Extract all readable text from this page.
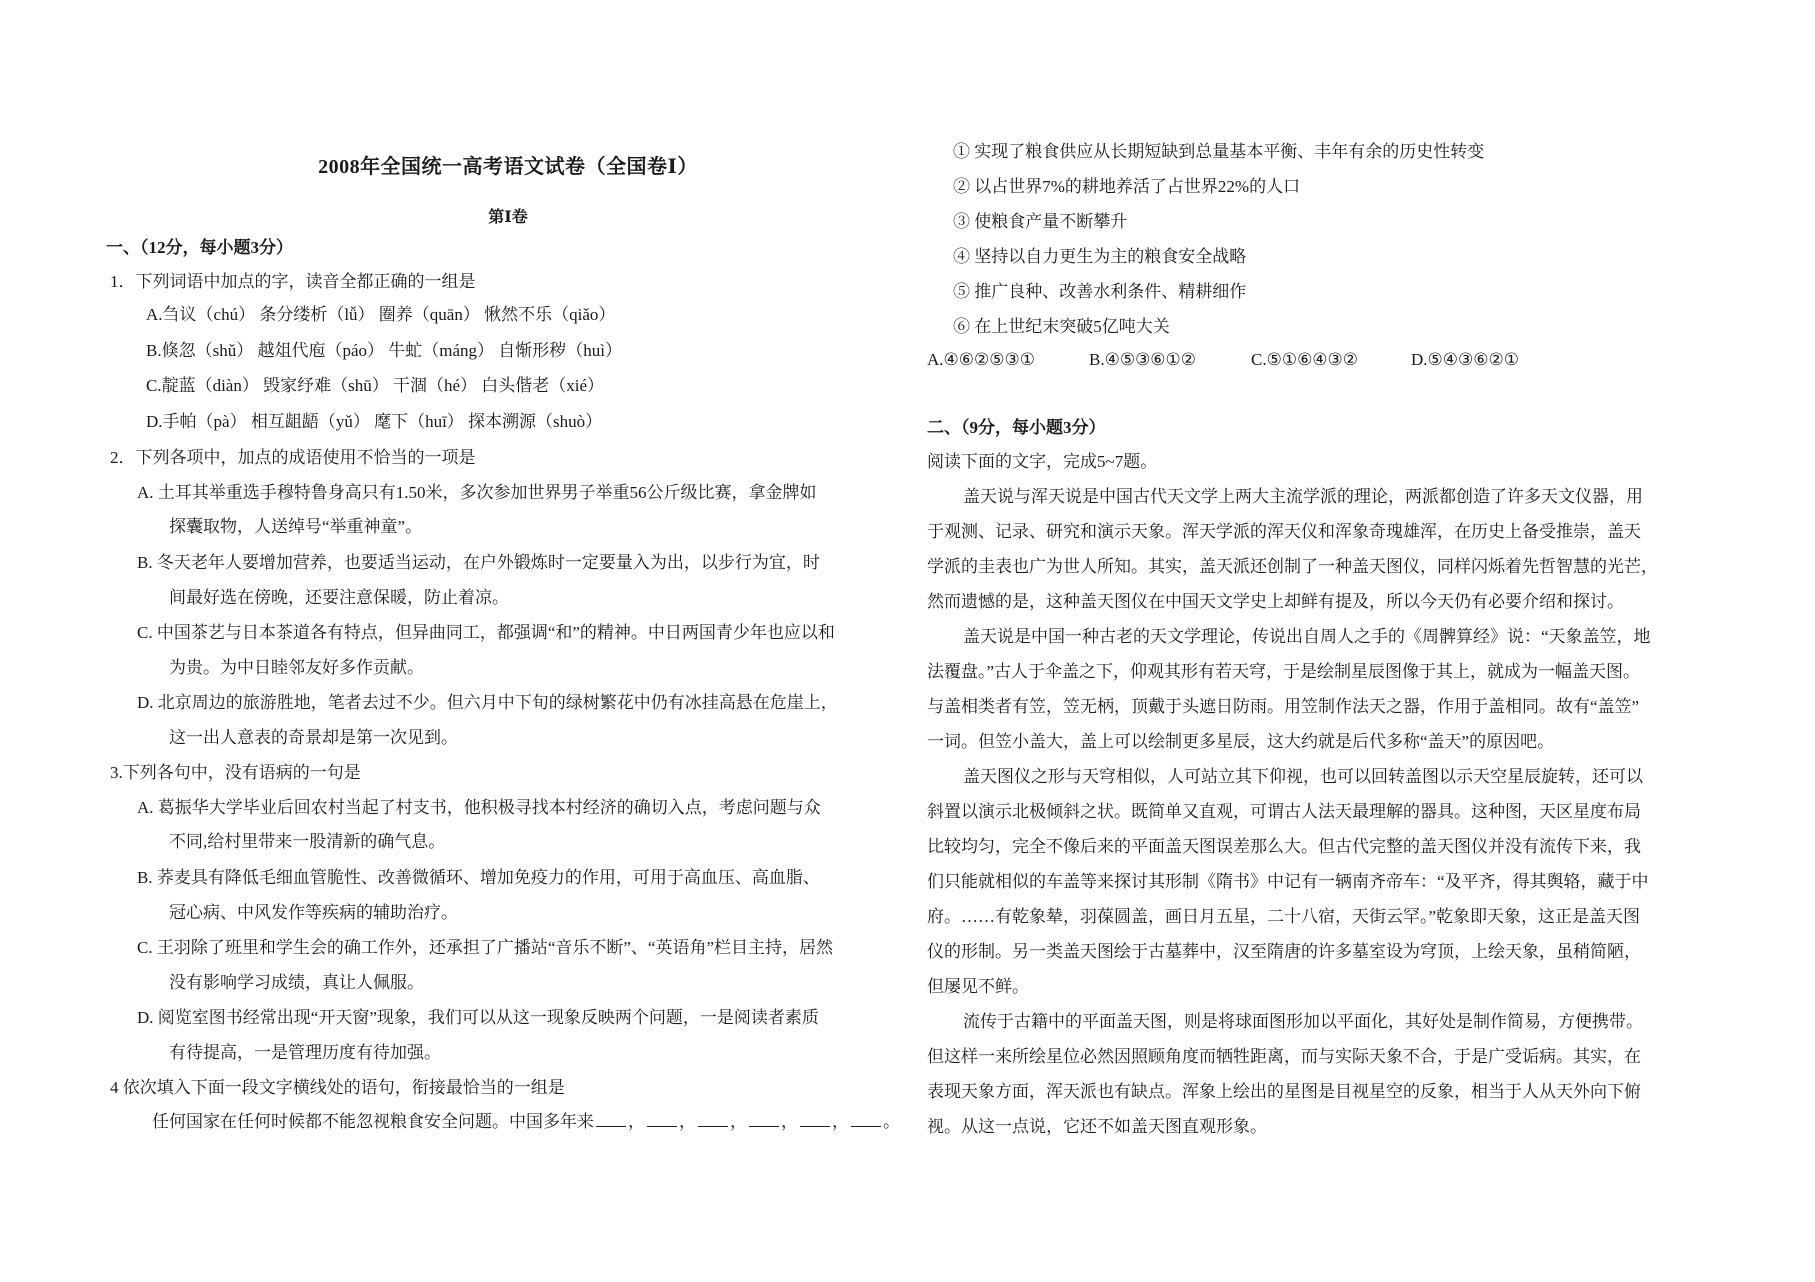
2008年全国统一高考语文试卷（全国卷Ⅰ）
第Ⅰ卷
一、（12分，每小题3分）
1．下列词语中加点的字，读音全都正确的一组是
A.刍议（chú） 条分缕析（lǚ） 圈养（quān） 愀然不乐（qiǎo）
B.倏忽（shǔ） 越俎代庖（páo） 牛虻（máng） 自惭形秽（huì）
C.靛蓝（diàn） 毁家纾难（shū） 干涸（hé） 白头偕老（xié）
D.手帕（pà） 相互龃龉（yǔ） 麾下（huī） 探本溯源（shuò）
2．下列各项中，加点的成语使用不恰当的一项是
A. 土耳其举重选手穆特鲁身高只有1.50米，多次参加世界男子举重56公斤级比赛，拿金牌如
探囊取物，人送绰号“举重神童”。
B. 冬天老年人要增加营养，也要适当运动，在户外锻炼时一定要量入为出，以步行为宜，时
间最好选在傍晚，还要注意保暖，防止着凉。
C. 中国茶艺与日本茶道各有特点，但异曲同工，都强调“和”的精神。中日两国青少年也应以和
为贵。为中日睦邻友好多作贡献。
D. 北京周边的旅游胜地，笔者去过不少。但六月中下旬的绿树繁花中仍有冰挂高悬在危崖上，
这一出人意表的奇景却是第一次见到。
3.下列各句中，没有语病的一句是
A. 葛振华大学毕业后回农村当起了村支书，他积极寻找本村经济的确切入点，考虑问题与众
不同,给村里带来一股清新的确气息。
B. 荞麦具有降低毛细血管脆性、改善微循环、增加免疫力的作用，可用于高血压、高血脂、
冠心病、中风发作等疾病的辅助治疗。
C. 王羽除了班里和学生会的确工作外，还承担了广播站“音乐不断”、“英语角”栏目主持，居然
没有影响学习成绩，真让人佩服。
D. 阅览室图书经常出现“开天窗”现象，我们可以从这一现象反映两个问题，一是阅读者素质
有待提高，一是管理历度有待加强。
4 依次填入下面一段文字横线处的语句，衔接最恰当的一组是
任何国家在任何时候都不能忽视粮食安全问题。中国多年来 ， ， ， ， ， 。
① 实现了粮食供应从长期短缺到总量基本平衡、丰年有余的历史性转变
② 以占世界7%的耕地养活了占世界22%的人口
③ 使粮食产量不断攀升
④ 坚持以自力更生为主的粮食安全战略
⑤ 推广良种、改善水利条件、精耕细作
⑥ 在上世纪末突破5亿吨大关
A.④⑥②⑤③①	B.④⑤③⑥①②	C.⑤①⑥④③②	D.⑤④③⑥②①
二、（9分，每小题3分）
阅读下面的文字，完成5~7题。
盖天说与浑天说是中国古代天文学上两大主流学派的理论，两派都创造了许多天文仪器，用
于观测、记录、研究和演示天象。浑天学派的浑天仪和浑象奇瑰雄浑，在历史上备受推崇，盖天
学派的圭表也广为世人所知。其实，盖天派还创制了一种盖天图仪，同样闪烁着先哲智慧的光芒，
然而遗憾的是，这种盖天图仪在中国天文学史上却鲜有提及，所以今天仍有必要介绍和探讨。
盖天说是中国一种古老的天文学理论，传说出自周人之手的《周髀算经》说：“天象盖笠，地
法覆盘。”古人于伞盖之下，仰观其形有若天穹，于是绘制星辰图像于其上，就成为一幅盖天图。
与盖相类者有笠，笠无柄，顶戴于头遮日防雨。用笠制作法天之器，作用于盖相同。故有“盖笠”
一词。但笠小盖大，盖上可以绘制更多星辰，这大约就是后代多称“盖天”的原因吧。
盖天图仪之形与天穹相似，人可站立其下仰视，也可以回转盖图以示天空星辰旋转，还可以
斜置以演示北极倾斜之状。既简单又直观，可谓古人法天最理解的器具。这种图，天区星度布局
比较均匀，完全不像后来的平面盖天图误差那么大。但古代完整的盖天图仪并没有流传下来，我
们只能就相似的车盖等来探讨其形制《隋书》中记有一辆南齐帝车：“及平齐，得其舆辂，藏于中
府。……有乾象辇，羽葆圆盖，画日月五星，二十八宿，天街云罕。”乾象即天象，这正是盖天图
仪的形制。另一类盖天图绘于古墓葬中，汉至隋唐的许多墓室设为穹顶，上绘天象，虽稍简陋，
但屡见不鲜。
流传于古籍中的平面盖天图，则是将球面图形加以平面化，其好处是制作简易，方便携带。
但这样一来所绘星位必然因照顾角度而牺牲距离，而与实际天象不合，于是广受诟病。其实，在
表现天象方面，浑天派也有缺点。浑象上绘出的星图是目视星空的反象，相当于人从天外向下俯
视。从这一点说，它还不如盖天图直观形象。
